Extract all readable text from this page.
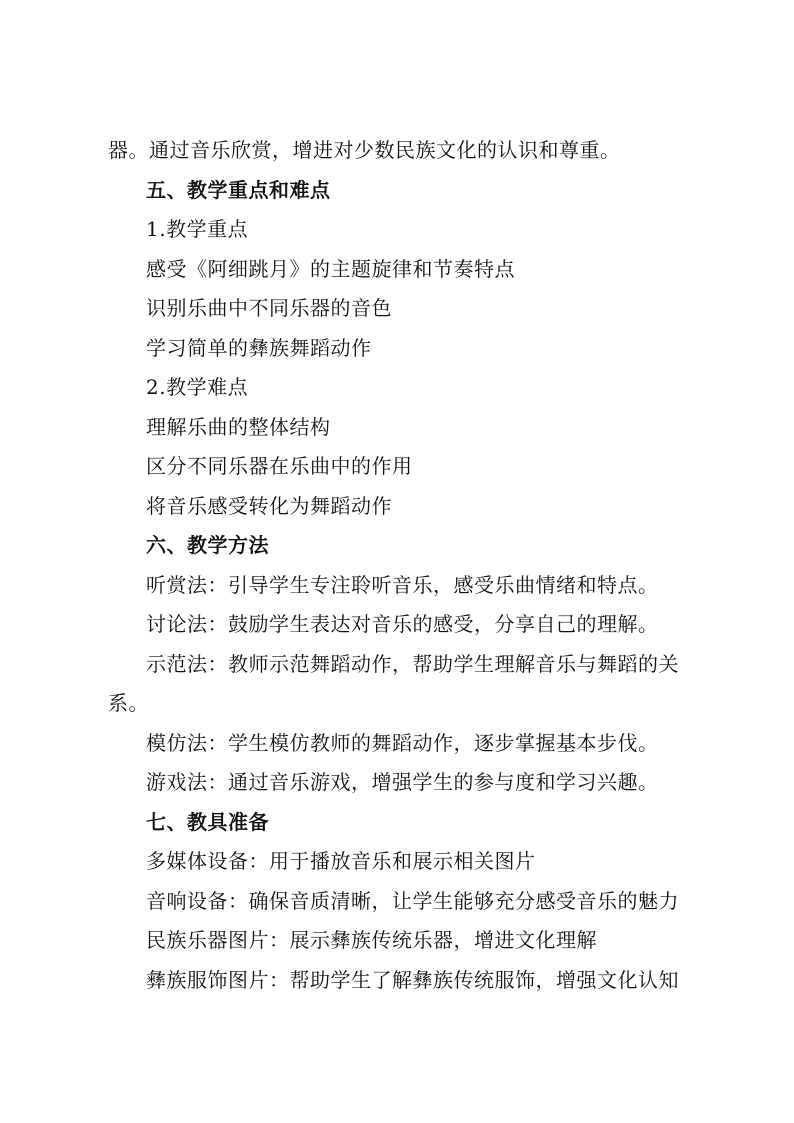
器。通过音乐欣赏，增进对少数民族文化的认识和尊重。
五、教学重点和难点
1.教学重点
感受《阿细跳月》的主题旋律和节奏特点
识别乐曲中不同乐器的音色
学习简单的彝族舞蹈动作
2.教学难点
理解乐曲的整体结构
区分不同乐器在乐曲中的作用
将音乐感受转化为舞蹈动作
六、教学方法
听赏法：引导学生专注聆听音乐，感受乐曲情绪和特点。
讨论法：鼓励学生表达对音乐的感受，分享自己的理解。
示范法：教师示范舞蹈动作，帮助学生理解音乐与舞蹈的关
系。
模仿法：学生模仿教师的舞蹈动作，逐步掌握基本步伐。
游戏法：通过音乐游戏，增强学生的参与度和学习兴趣。
七、教具准备
多媒体设备：用于播放音乐和展示相关图片
音响设备：确保音质清晰，让学生能够充分感受音乐的魅力
民族乐器图片：展示彝族传统乐器，增进文化理解
彝族服饰图片：帮助学生了解彝族传统服饰，增强文化认知
